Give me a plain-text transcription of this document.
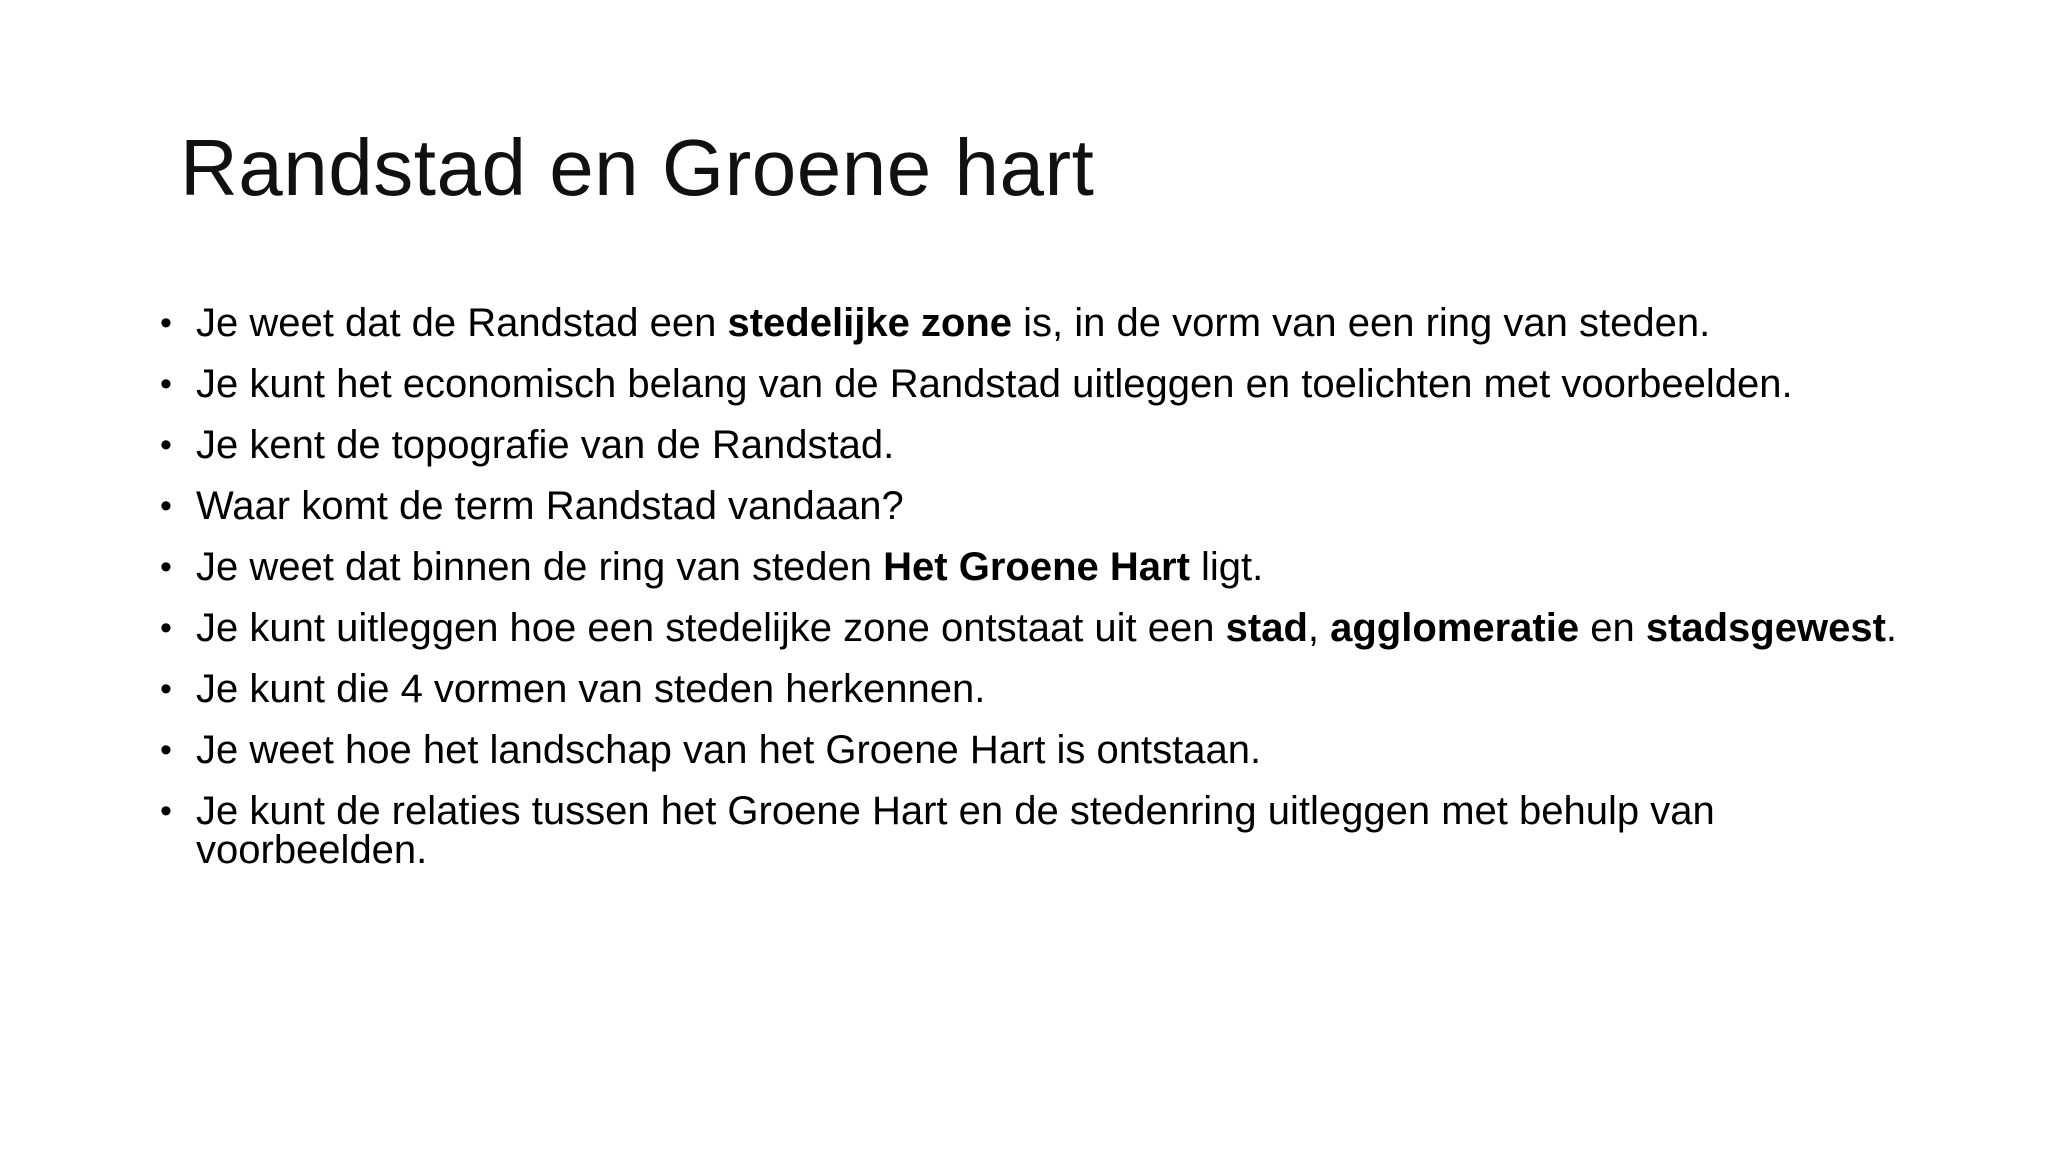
Randstad en Groene hart
• Je weet dat de Randstad een stedelijke zone is, in de vorm van een ring van steden.
• Je kunt het economisch belang van de Randstad uitleggen en toelichten met voorbeelden.
• Je kent de topografie van de Randstad.
• Waar komt de term Randstad vandaan?
• Je weet dat binnen de ring van steden Het Groene Hart ligt.
• Je kunt uitleggen hoe een stedelijke zone ontstaat uit een stad, agglomeratie en stadsgewest.
• Je kunt die 4 vormen van steden herkennen.
• Je weet hoe het landschap van het Groene Hart is ontstaan.
• Je kunt de relaties tussen het Groene Hart en de stedenring uitleggen met behulp van voorbeelden.
